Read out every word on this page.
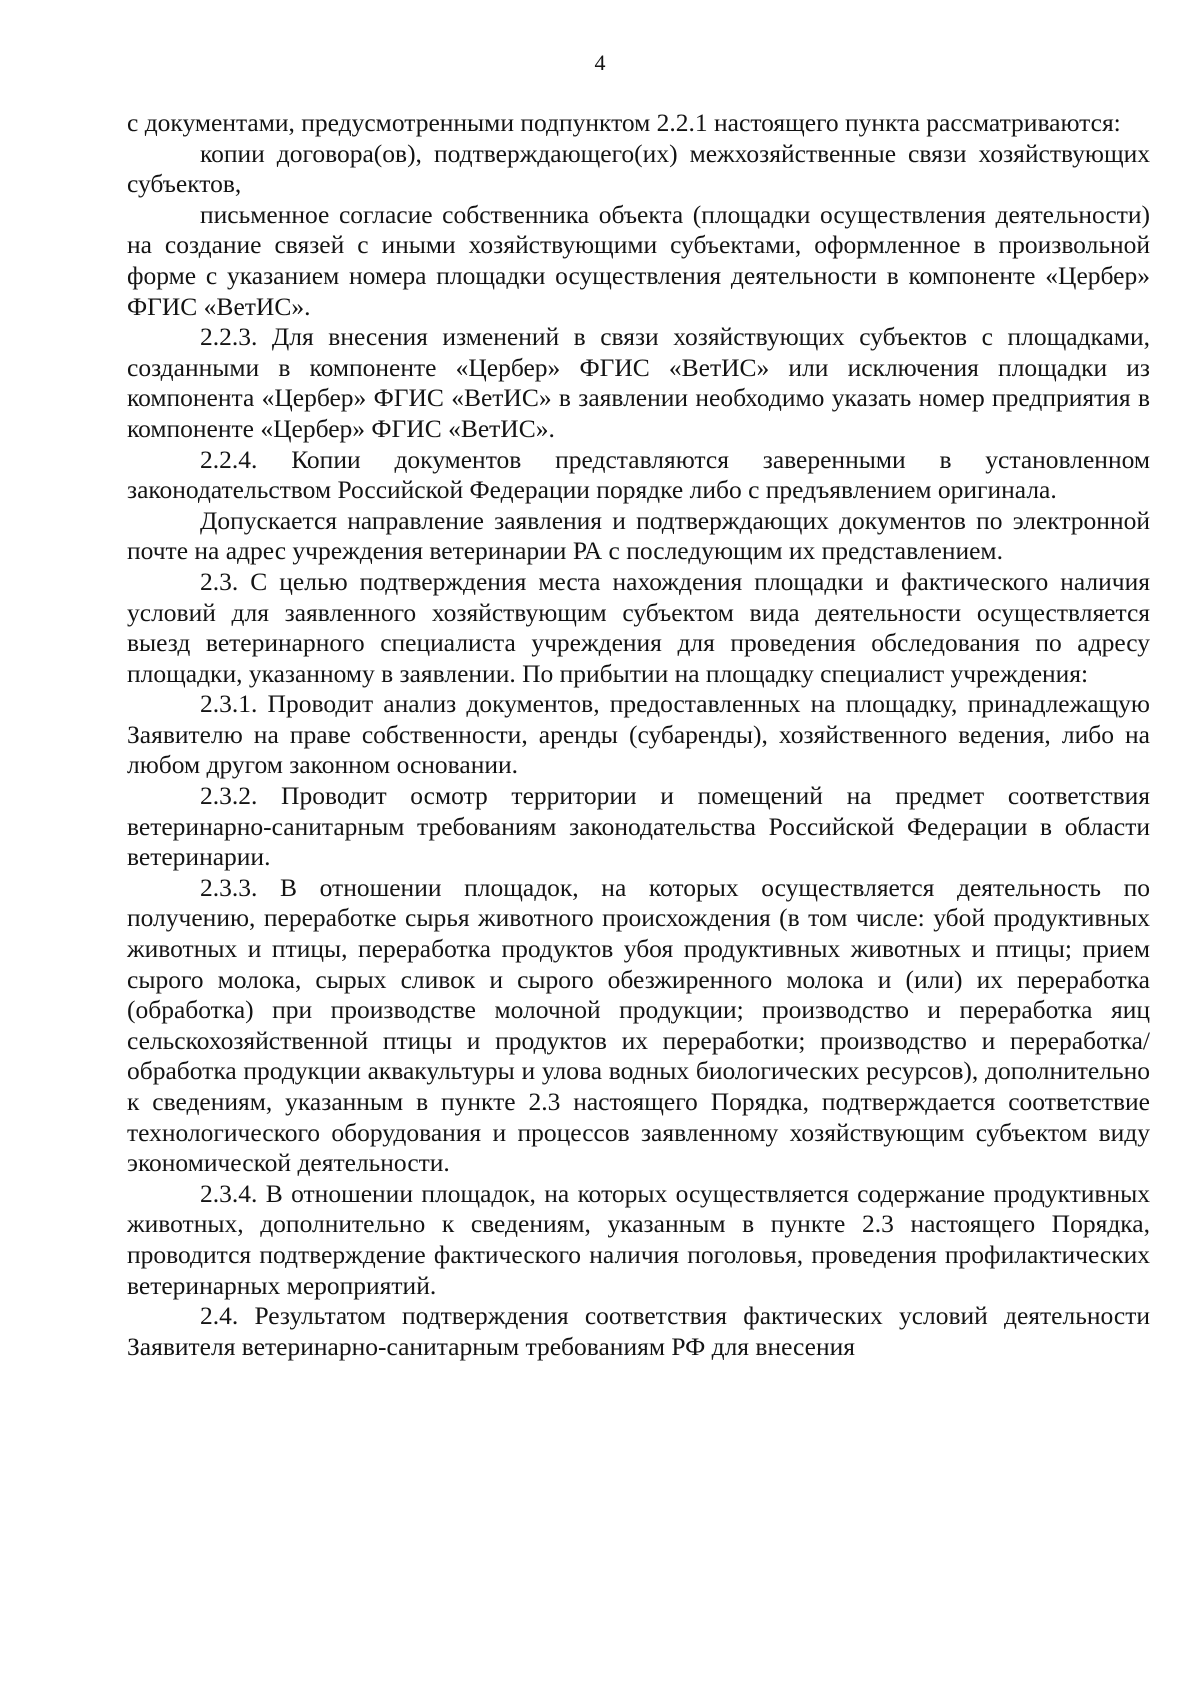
4

с документами, предусмотренными подпунктом 2.2.1 настоящего пункта рассматриваются:

копии договора(ов), подтверждающего(их) межхозяйственные связи хозяйствующих субъектов,

письменное согласие собственника объекта (площадки осуществления деятельности) на создание связей с иными хозяйствующими субъектами, оформленное в произвольной форме с указанием номера площадки осуществления деятельности в компоненте «Цербер» ФГИС «ВетИС».

2.2.3. Для внесения изменений в связи хозяйствующих субъектов с площадками, созданными в компоненте «Цербер» ФГИС «ВетИС» или исключения площадки из компонента «Цербер» ФГИС «ВетИС» в заявлении необходимо указать номер предприятия в компоненте «Цербер» ФГИС «ВетИС».

2.2.4. Копии документов представляются заверенными в установленном законодательством Российской Федерации порядке либо с предъявлением оригинала.

Допускается направление заявления и подтверждающих документов по электронной почте на адрес учреждения ветеринарии РА с последующим их представлением.

2.3. С целью подтверждения места нахождения площадки и фактического наличия условий для заявленного хозяйствующим субъектом вида деятельности осуществляется выезд ветеринарного специалиста учреждения для проведения обследования по адресу площадки, указанному в заявлении. По прибытии на площадку специалист учреждения:

2.3.1. Проводит анализ документов, предоставленных на площадку, принадлежащую Заявителю на праве собственности, аренды (субаренды), хозяйственного ведения, либо на любом другом законном основании.

2.3.2. Проводит осмотр территории и помещений на предмет соответствия ветеринарно-санитарным требованиям законодательства Российской Федерации в области ветеринарии.

2.3.3. В отношении площадок, на которых осуществляется деятельность по получению, переработке сырья животного происхождения (в том числе: убой продуктивных животных и птицы, переработка продуктов убоя продуктивных животных и птицы; прием сырого молока, сырых сливок и сырого обезжиренного молока и (или) их переработка (обработка) при производстве молочной продукции; производство и переработка яиц сельскохозяйственной птицы и продуктов их переработки; производство и переработка/обработка продукции аквакультуры и улова водных биологических ресурсов), дополнительно к сведениям, указанным в пункте 2.3 настоящего Порядка, подтверждается соответствие технологического оборудования и процессов заявленному хозяйствующим субъектом виду экономической деятельности.

2.3.4. В отношении площадок, на которых осуществляется содержание продуктивных животных, дополнительно к сведениям, указанным в пункте 2.3 настоящего Порядка, проводится подтверждение фактического наличия поголовья, проведения профилактических ветеринарных мероприятий.

2.4. Результатом подтверждения соответствия фактических условий деятельности Заявителя ветеринарно-санитарным требованиям РФ для внесения
